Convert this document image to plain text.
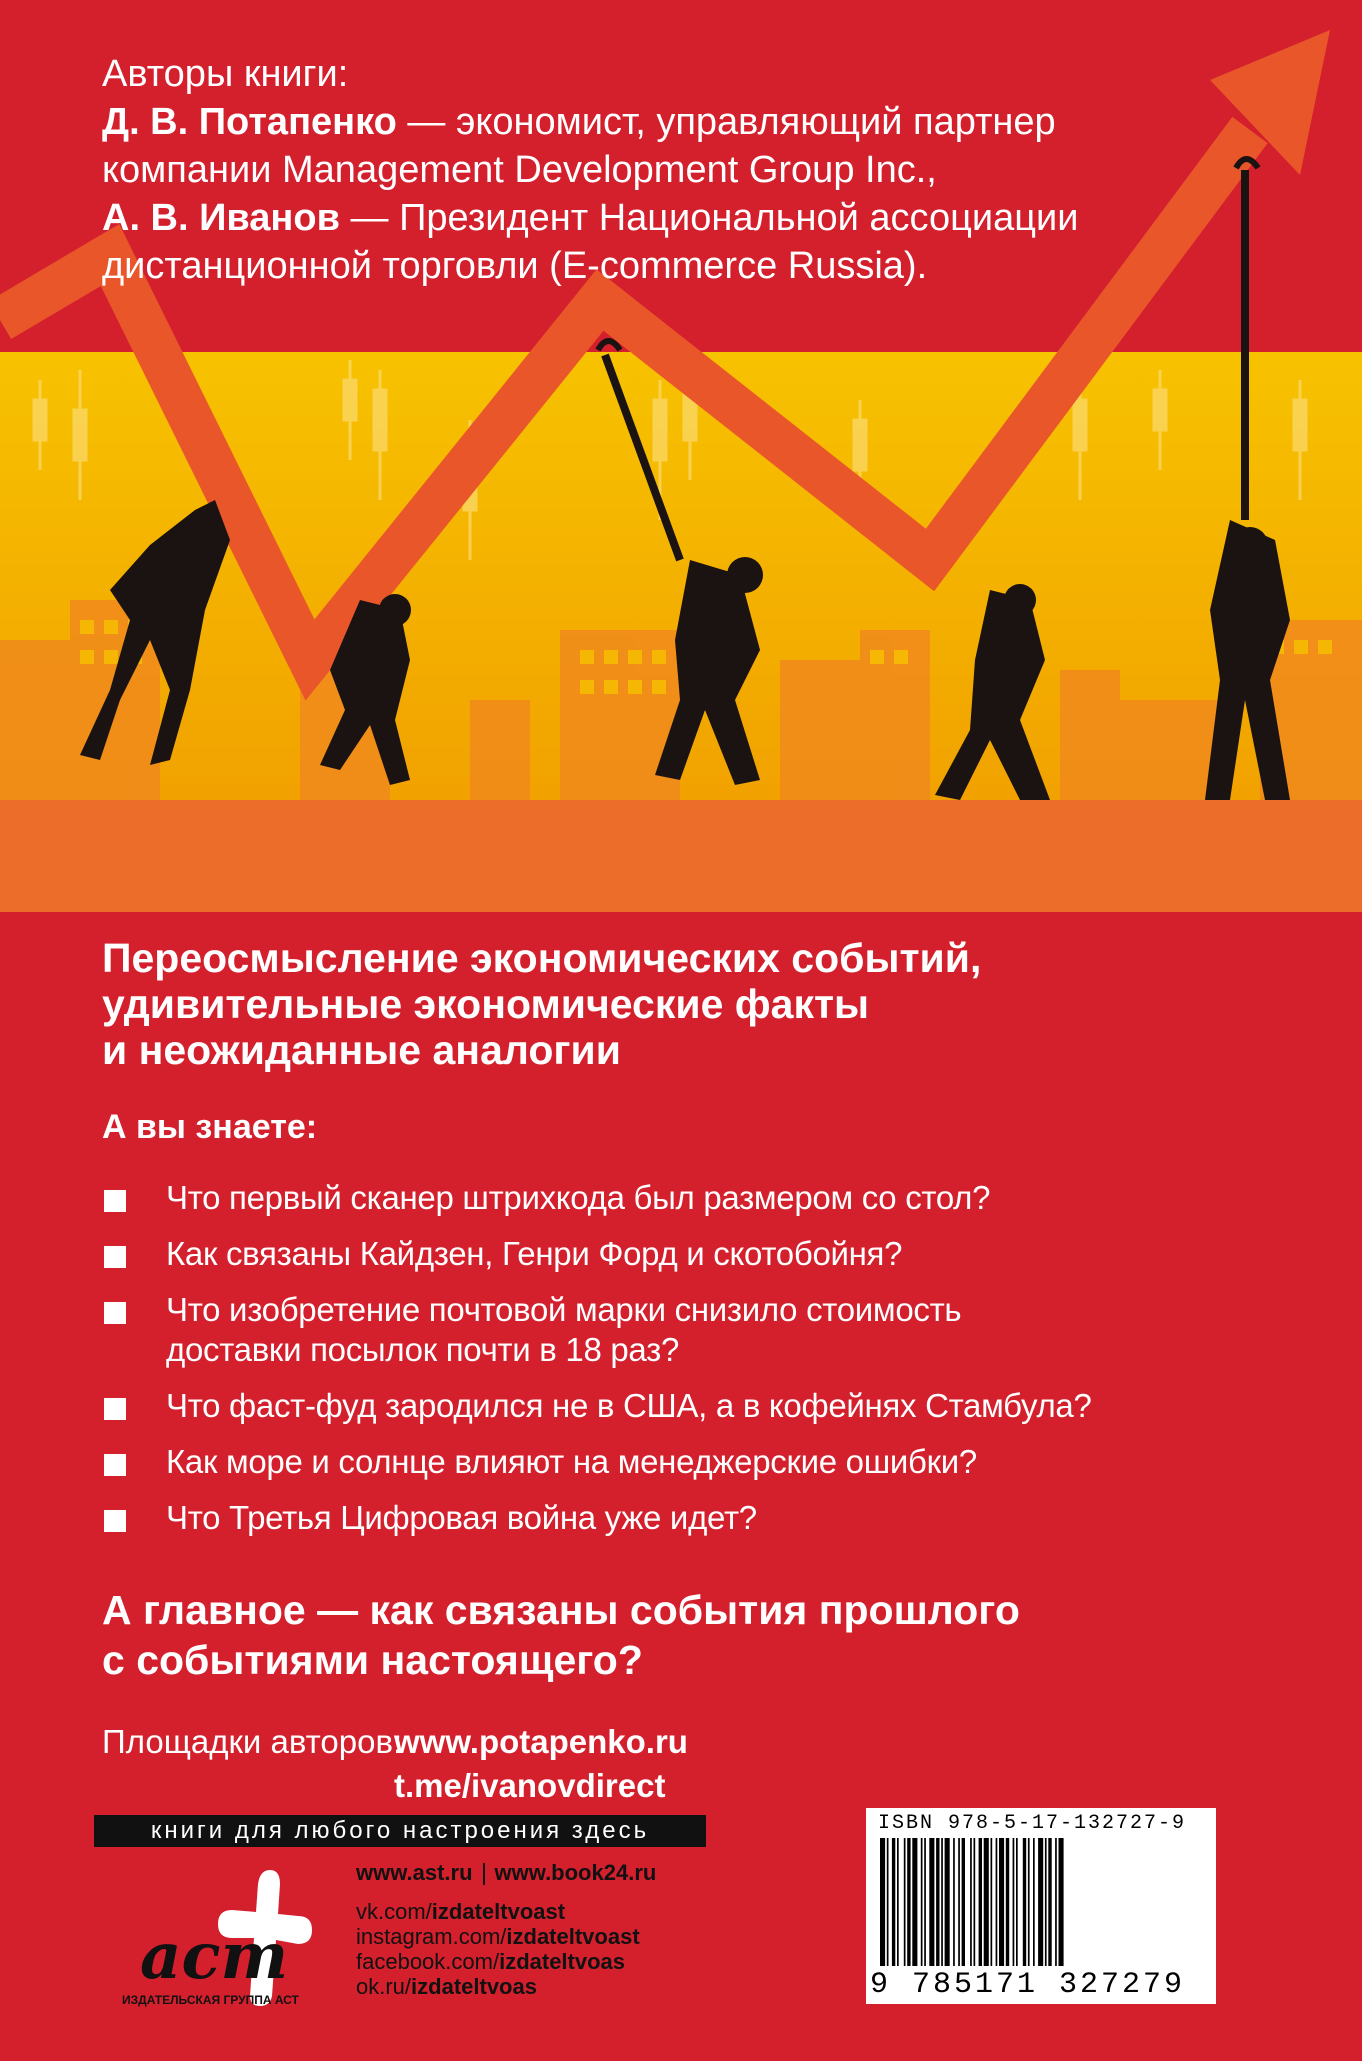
Авторы книги:
Д. В. Потапенко — экономист, управляющий партнер
компании Management Development Group Inc.,
А. В. Иванов — Президент Национальной ассоциации
дистанционной торговли (E-commerce Russia).
Переосмысление экономических событий,
удивительные экономические факты
и неожиданные аналогии
А вы знаете:
Что первый сканер штрихкода был размером со стол?
Как связаны Кайдзен, Генри Форд и скотобойня?
Что изобретение почтовой марки снизило стоимость
доставки посылок почти в 18 раз?
Что фаст-фуд зародился не в США, а в кофейнях Стамбула?
Как море и солнце влияют на менеджерские ошибки?
Что Третья Цифровая война уже идет?
А главное — как связаны события прошлого
с событиями настоящего?
Площадки авторов:
www.potapenko.ru
t.me/ivanovdirect
книги для любого настроения здесь
аст
ИЗДАТЕЛЬСКАЯ ГРУППА АСТ
www.ast.ru www.book24.ru
vk.com/izdateltvoast
instagram.com/izdateltvoast
facebook.com/izdateltvoas
ok.ru/izdateltvoas
ISBN 978-5-17-132727-9
9 785171 327279
